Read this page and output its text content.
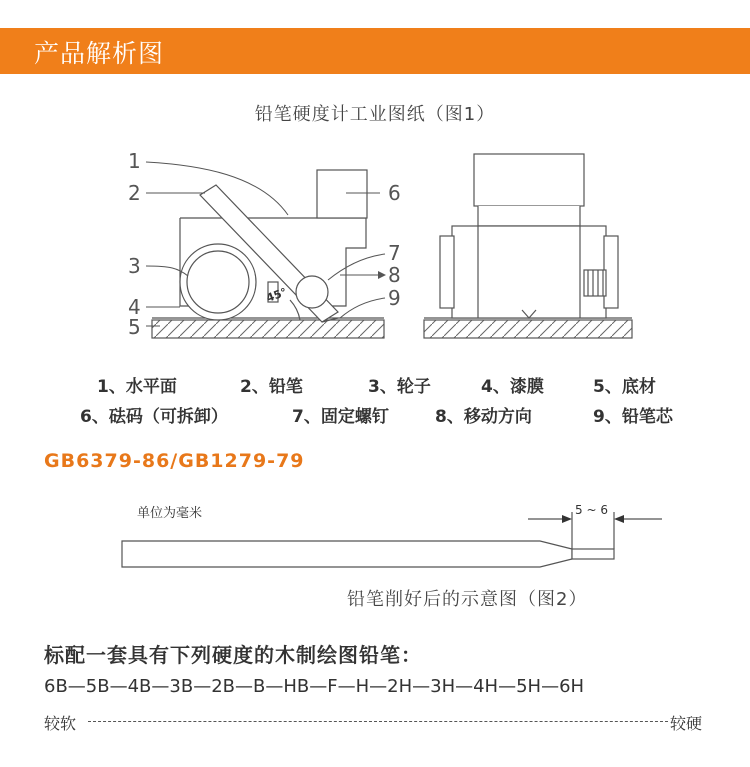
产品解析图
铅笔硬度计工业图纸（图1）
45°
1
2
3
4
5
6
7
8
9
1、水平面	2、铅笔	3、轮子	4、漆膜	5、底材
6、砝码（可拆卸）	7、固定螺钉	8、移动方向	9、铅笔芯
GB6379-86/GB1279-79
单位为毫米	5 ~ 6
铅笔削好后的示意图（图2）
标配一套具有下列硬度的木制绘图铅笔：
6B—5B—4B—3B—2B—B—HB—F—H—2H—3H—4H—5H—6H
较软	较硬
